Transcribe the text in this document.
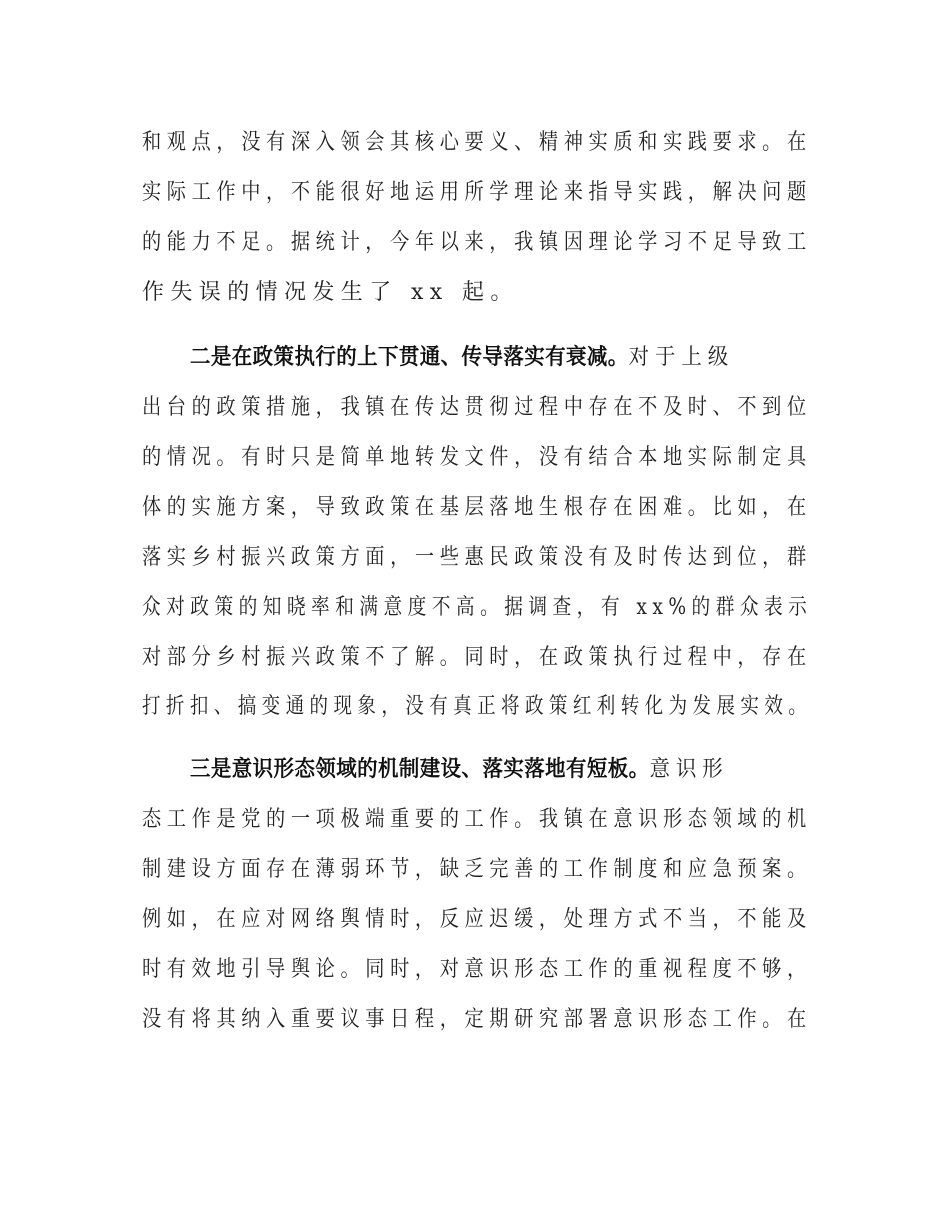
和观点，没有深入领会其核心要义、精神实质和实践要求。在
实际工作中，不能很好地运用所学理论来指导实践，解决问题
的能力不足。据统计，今年以来，我镇因理论学习不足导致工
作失误的情况发生了 xx 起。
二是在政策执行的上下贯通、传导落实有衰减。对于上级
出台的政策措施，我镇在传达贯彻过程中存在不及时、不到位
的情况。有时只是简单地转发文件，没有结合本地实际制定具
体的实施方案，导致政策在基层落地生根存在困难。比如，在
落实乡村振兴政策方面，一些惠民政策没有及时传达到位，群
众对政策的知晓率和满意度不高。据调查，有 xx%的群众表示
对部分乡村振兴政策不了解。同时，在政策执行过程中，存在
打折扣、搞变通的现象，没有真正将政策红利转化为发展实效。
三是意识形态领域的机制建设、落实落地有短板。意识形
态工作是党的一项极端重要的工作。我镇在意识形态领域的机
制建设方面存在薄弱环节，缺乏完善的工作制度和应急预案。
例如，在应对网络舆情时，反应迟缓，处理方式不当，不能及
时有效地引导舆论。同时，对意识形态工作的重视程度不够，
没有将其纳入重要议事日程，定期研究部署意识形态工作。在
